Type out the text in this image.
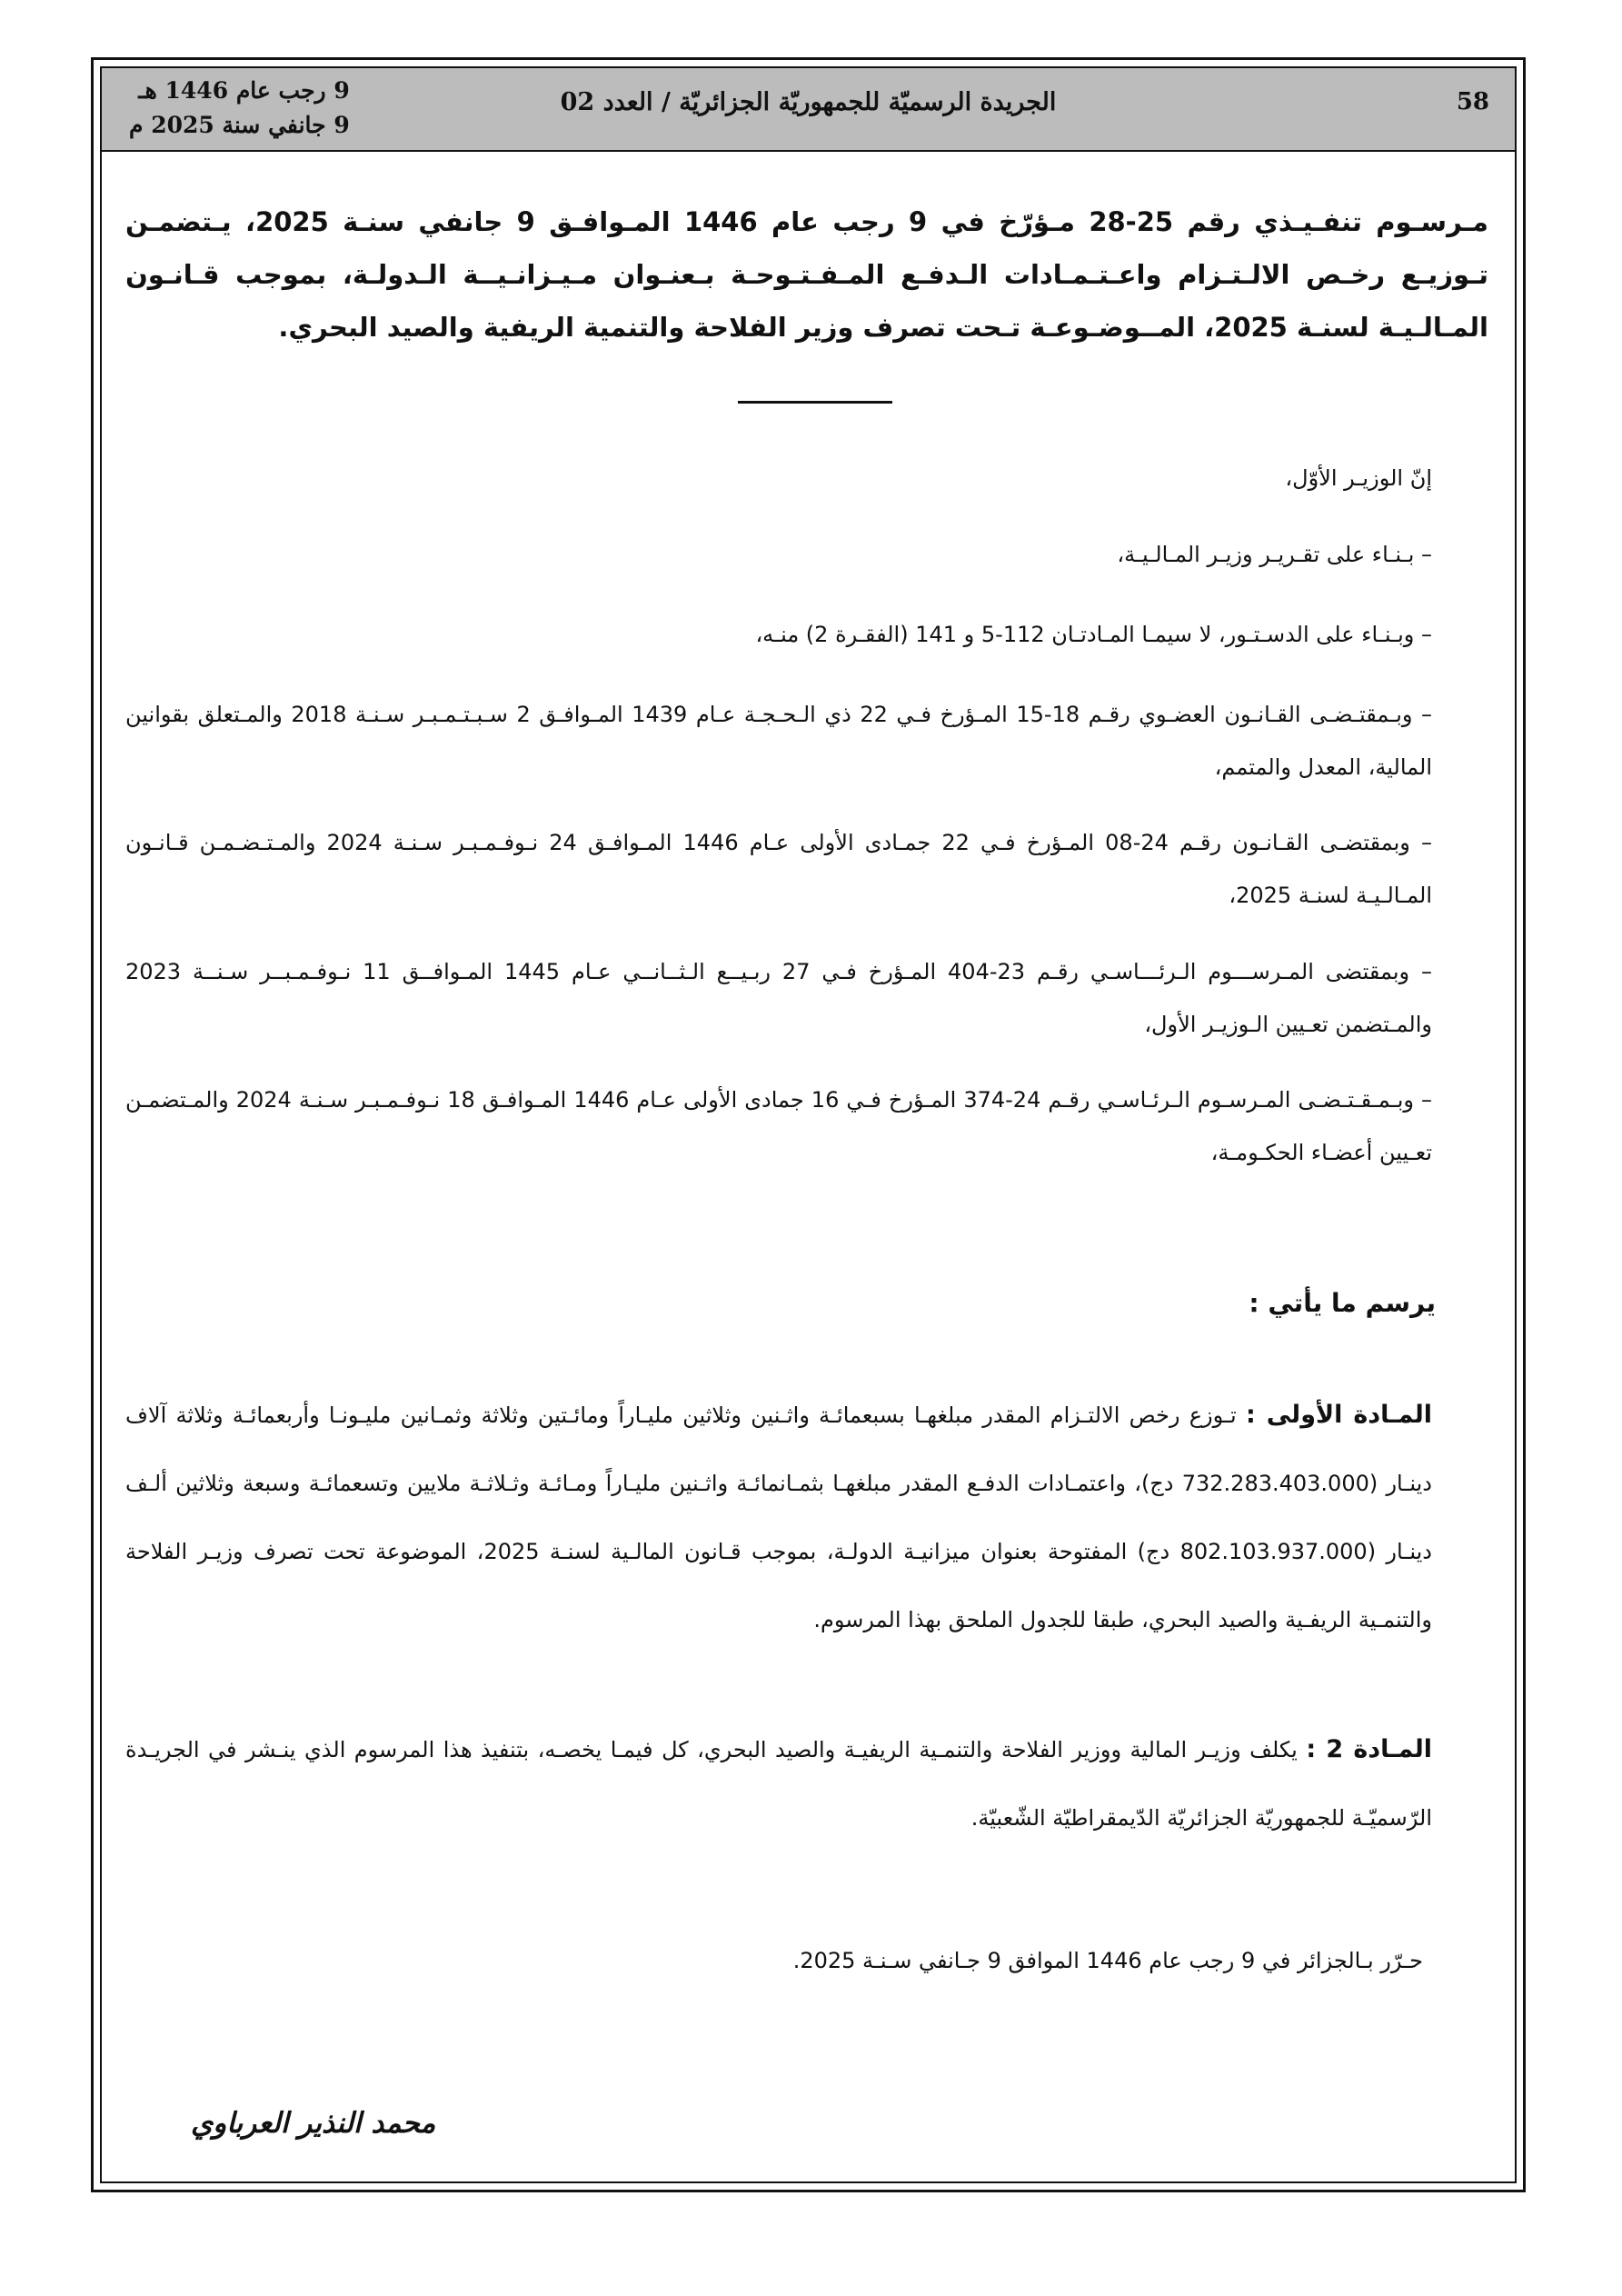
58
الجريدة الرسميّة للجمهوريّة الجزائريّة / العدد 02
9 رجب عام 1446 هـ
9 جانفي سنة 2025 م
مـرسـوم تنفـيـذي رقم 25-28 مـؤرّخ في 9 رجب عام 1446 المـوافـق 9 جانفي سنـة 2025، يـتضمـن تـوزيـع رخـص الالـتـزام واعـتـمـادات الـدفـع المـفـتـوحـة بـعنـوان مـيـزانـيــة الـدولـة، بموجب قـانـون المـالـيـة لسنـة 2025، المــوضـوعـة تـحت تصرف وزير الفلاحة والتنمية الريفية والصيد البحري.
إنّ الوزيـر الأوّل،
– بـنـاء على تقـريـر وزيـر المـالـيـة،
– وبـنـاء على الدسـتـور، لا سيمـا المـادتـان 112-5 و 141 (الفقـرة 2) منـه،
– وبـمقتـضـى القـانـون العضـوي رقـم 18-15 المـؤرخ فـي 22 ذي الـحـجـة عـام 1439 المـوافـق 2 سـبـتـمـبـر سـنـة 2018 والمـتعلق بقوانين المالية، المعدل والمتمم،
– وبمقتضـى القـانـون رقـم 24-08 المـؤرخ فـي 22 جمـادى الأولى عـام 1446 المـوافـق 24 نـوفـمـبـر سـنـة 2024 والمـتـضـمـن قـانـون المـالـيـة لسنـة 2025،
– وبمقتضى المـرســـوم الـرئـــاسـي رقـم 23-404 المـؤرخ فـي 27 ربـيــع الـثــانــي عـام 1445 المـوافــق 11 نـوفـمـبــر سـنــة 2023 والمـتضمن تعـيين الـوزيـر الأول،
– وبـمـقـتـضـى المـرسـوم الـرئـاسـي رقـم 24-374 المـؤرخ فـي 16 جمادى الأولى عـام 1446 المـوافـق 18 نـوفـمـبـر سـنـة 2024 والمـتضمـن تعـيين أعضـاء الحكـومـة،
يرسم ما يأتي :
المـادة الأولى : تـوزع رخص الالتـزام المقدر مبلغهـا بسبعمائـة واثـنين وثلاثين مليـاراً ومائـتين وثلاثة وثمـانين مليـونـا وأربعمائـة وثلاثة آلاف دينـار (732.283.403.000 دج)، واعتمـادات الدفـع المقدر مبلغهـا بثمـانمائـة واثـنين مليـاراً ومـائـة وثـلاثـة ملايين وتسعمائـة وسبعة وثلاثين ألـف دينـار (802.103.937.000 دج) المفتوحة بعنوان ميزانيـة الدولـة، بموجب قـانون المالـية لسنـة 2025، الموضوعة تحت تصرف وزيـر الفلاحة والتنمـية الريفـية والصيد البحري، طبقا للجدول الملحق بهذا المرسوم.
المـادة 2 : يكلف وزيـر المالية ووزير الفلاحة والتنمـية الريفيـة والصيد البحري، كل فيمـا يخصـه، بتنفيذ هذا المرسوم الذي ينـشر في الجريـدة الرّسميّـة للجمهوريّة الجزائريّة الدّيمقراطيّة الشّعبيّة.
حـرّر بـالجزائر في 9 رجب عام 1446 الموافق 9 جـانفي سـنـة 2025.
محمد النذير العرباوي
